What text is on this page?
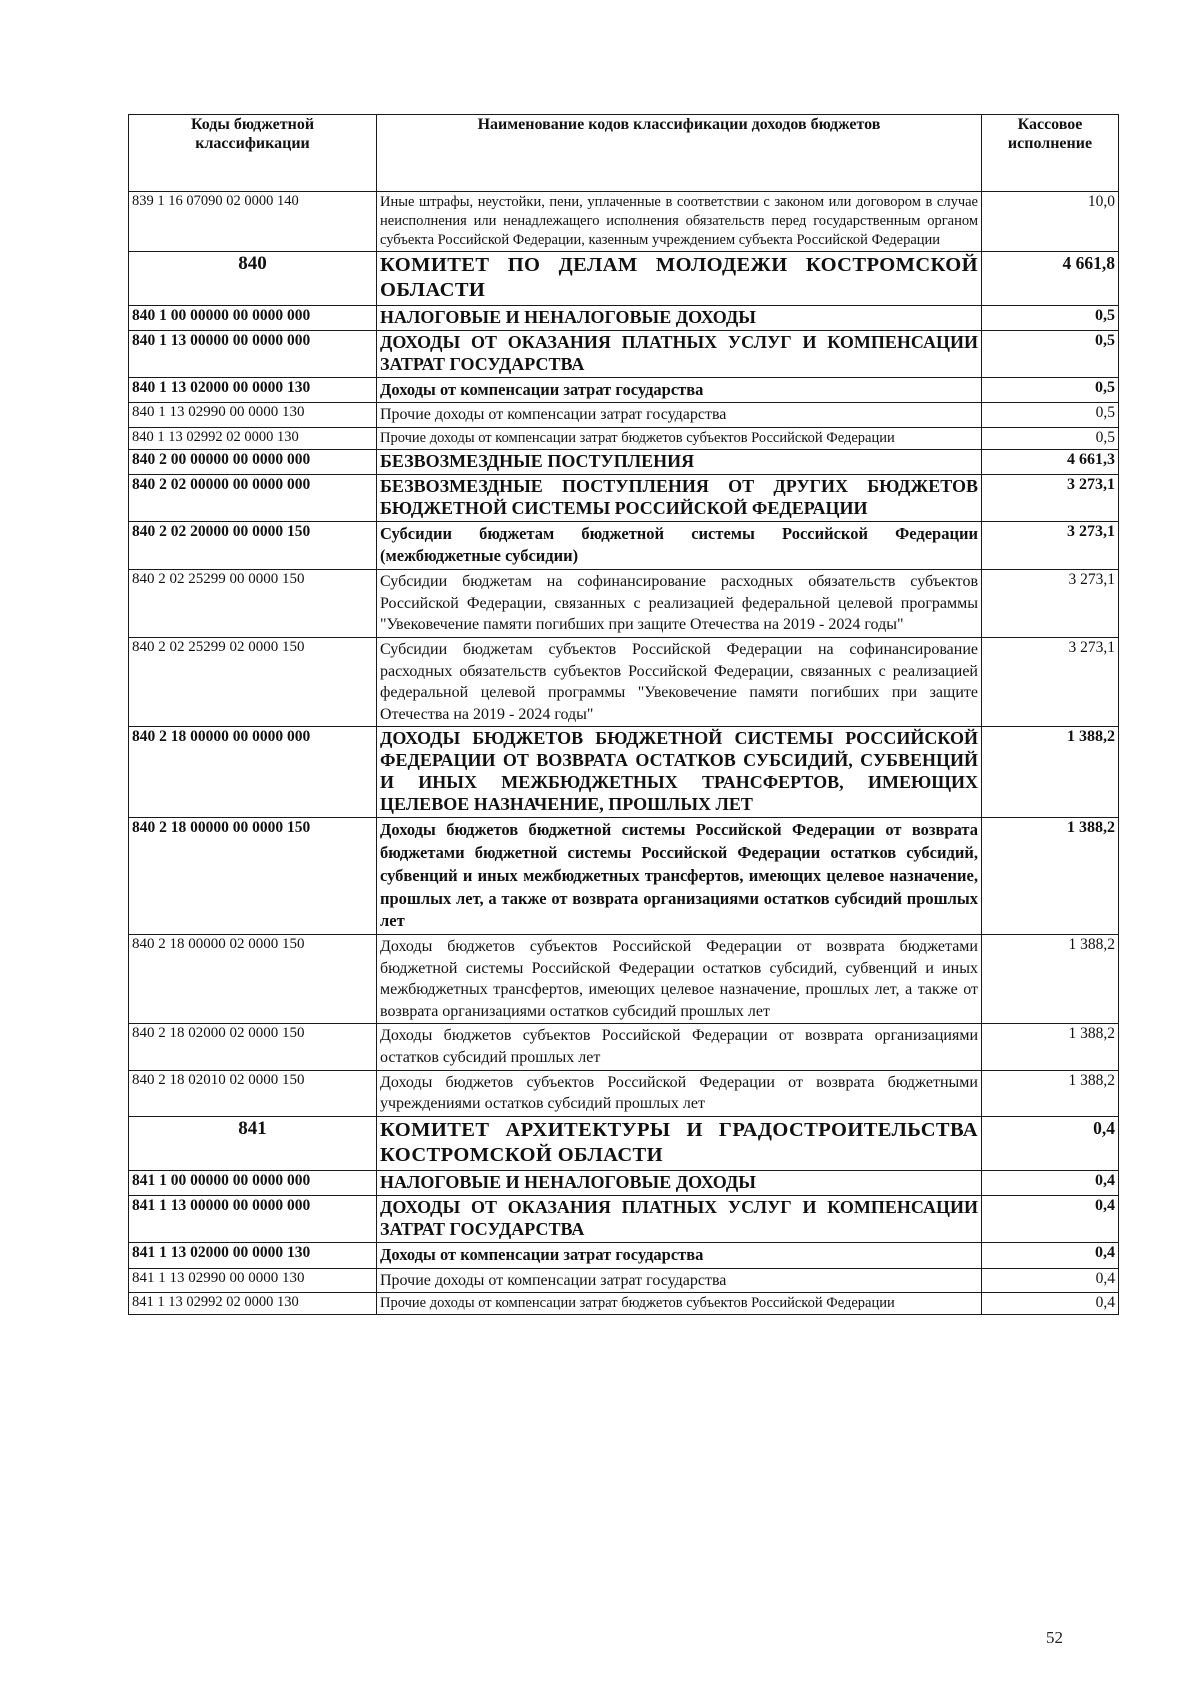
Коды бюджетной классификации	Наименование кодов классификации доходов бюджетов	Кассовое исполнение
839 1 16 07090 02 0000 140	Иные штрафы, неустойки, пени, уплаченные в соответствии с законом или договором в случае неисполнения или ненадлежащего исполнения обязательств перед государственным органом субъекта Российской Федерации, казенным учреждением субъекта Российской Федерации	10,0
840	КОМИТЕТ ПО ДЕЛАМ МОЛОДЕЖИ КОСТРОМСКОЙ ОБЛАСТИ	4 661,8
840 1 00 00000 00 0000 000	НАЛОГОВЫЕ И НЕНАЛОГОВЫЕ ДОХОДЫ	0,5
840 1 13 00000 00 0000 000	ДОХОДЫ ОТ ОКАЗАНИЯ ПЛАТНЫХ УСЛУГ И КОМПЕНСАЦИИ ЗАТРАТ ГОСУДАРСТВА	0,5
840 1 13 02000 00 0000 130	Доходы от компенсации затрат государства	0,5
840 1 13 02990 00 0000 130	Прочие доходы от компенсации затрат государства	0,5
840 1 13 02992 02 0000 130	Прочие доходы от компенсации затрат бюджетов субъектов Российской Федерации	0,5
840 2 00 00000 00 0000 000	БЕЗВОЗМЕЗДНЫЕ ПОСТУПЛЕНИЯ	4 661,3
840 2 02 00000 00 0000 000	БЕЗВОЗМЕЗДНЫЕ ПОСТУПЛЕНИЯ ОТ ДРУГИХ БЮДЖЕТОВ БЮДЖЕТНОЙ СИСТЕМЫ РОССИЙСКОЙ ФЕДЕРАЦИИ	3 273,1
840 2 02 20000 00 0000 150	Субсидии бюджетам бюджетной системы Российской Федерации (межбюджетные субсидии)	3 273,1
840 2 02 25299 00 0000 150	Субсидии бюджетам на софинансирование расходных обязательств субъектов Российской Федерации, связанных с реализацией федеральной целевой программы "Увековечение памяти погибших при защите Отечества на 2019 - 2024 годы"	3 273,1
840 2 02 25299 02 0000 150	Субсидии бюджетам субъектов Российской Федерации на софинансирование расходных обязательств субъектов Российской Федерации, связанных с реализацией федеральной целевой программы "Увековечение памяти погибших при защите Отечества на 2019 - 2024 годы"	3 273,1
840 2 18 00000 00 0000 000	ДОХОДЫ БЮДЖЕТОВ БЮДЖЕТНОЙ СИСТЕМЫ РОССИЙСКОЙ ФЕДЕРАЦИИ ОТ ВОЗВРАТА ОСТАТКОВ СУБСИДИЙ, СУБВЕНЦИЙ И ИНЫХ МЕЖБЮДЖЕТНЫХ ТРАНСФЕРТОВ, ИМЕЮЩИХ ЦЕЛЕВОЕ НАЗНАЧЕНИЕ, ПРОШЛЫХ ЛЕТ	1 388,2
840 2 18 00000 00 0000 150	Доходы бюджетов бюджетной системы Российской Федерации от возврата бюджетами бюджетной системы Российской Федерации остатков субсидий, субвенций и иных межбюджетных трансфертов, имеющих целевое назначение, прошлых лет, а также от возврата организациями остатков субсидий прошлых лет	1 388,2
840 2 18 00000 02 0000 150	Доходы бюджетов субъектов Российской Федерации от возврата бюджетами бюджетной системы Российской Федерации остатков субсидий, субвенций и иных межбюджетных трансфертов, имеющих целевое назначение, прошлых лет, а также от возврата организациями остатков субсидий прошлых лет	1 388,2
840 2 18 02000 02 0000 150	Доходы бюджетов субъектов Российской Федерации от возврата организациями остатков субсидий прошлых лет	1 388,2
840 2 18 02010 02 0000 150	Доходы бюджетов субъектов Российской Федерации от возврата бюджетными учреждениями остатков субсидий прошлых лет	1 388,2
841	КОМИТЕТ АРХИТЕКТУРЫ И ГРАДОСТРОИТЕЛЬСТВА КОСТРОМСКОЙ ОБЛАСТИ	0,4
841 1 00 00000 00 0000 000	НАЛОГОВЫЕ И НЕНАЛОГОВЫЕ ДОХОДЫ	0,4
841 1 13 00000 00 0000 000	ДОХОДЫ ОТ ОКАЗАНИЯ ПЛАТНЫХ УСЛУГ И КОМПЕНСАЦИИ ЗАТРАТ ГОСУДАРСТВА	0,4
841 1 13 02000 00 0000 130	Доходы от компенсации затрат государства	0,4
841 1 13 02990 00 0000 130	Прочие доходы от компенсации затрат государства	0,4
841 1 13 02992 02 0000 130	Прочие доходы от компенсации затрат бюджетов субъектов Российской Федерации	0,4
52
